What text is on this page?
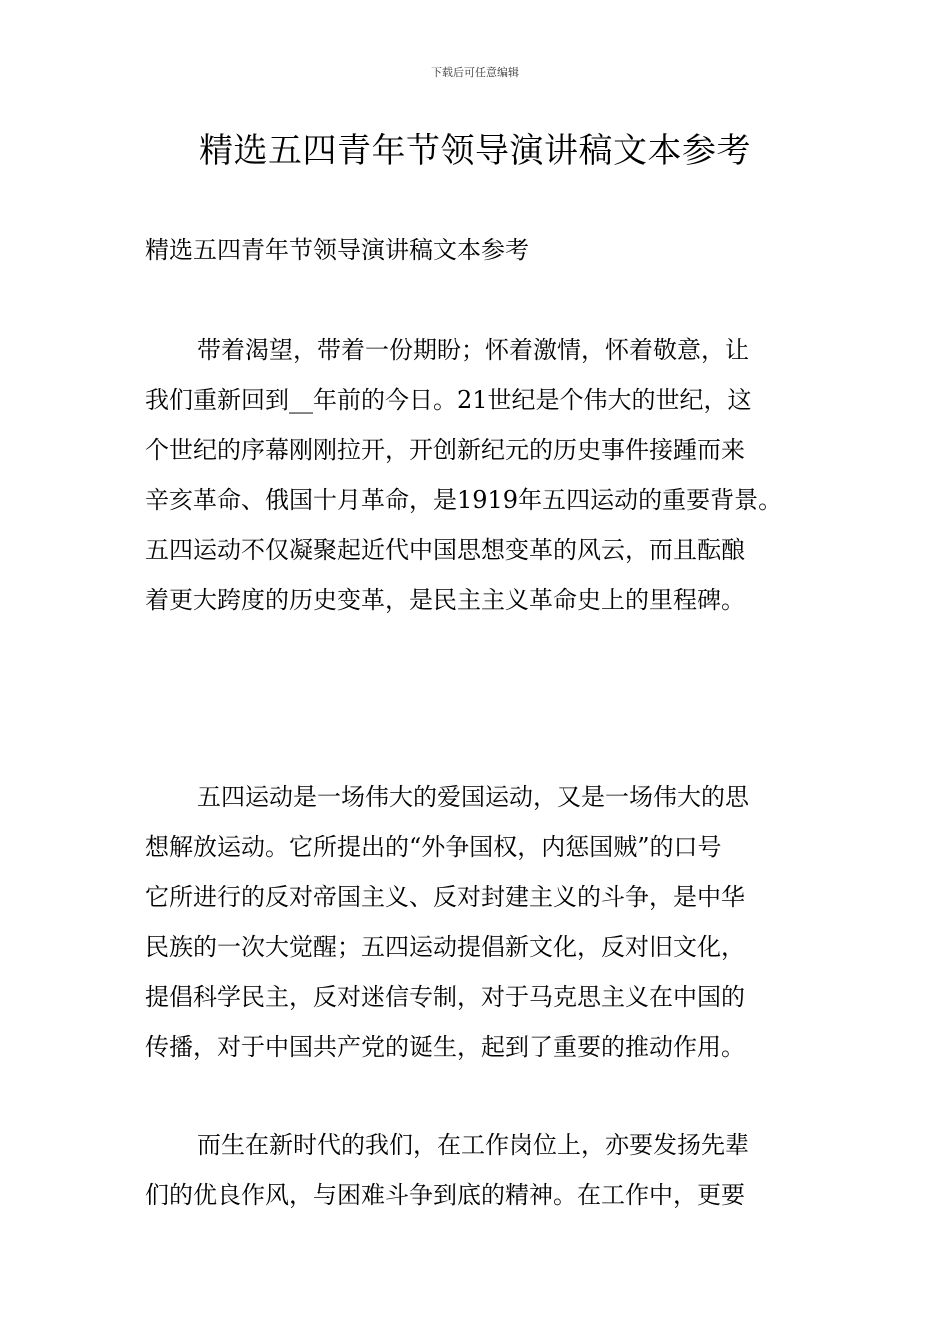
下载后可任意编辑
精选五四青年节领导演讲稿文本参考
精选五四青年节领导演讲稿文本参考
带着渴望，带着一份期盼；怀着激情，怀着敬意，让
我们重新回到__年前的今日。21世纪是个伟大的世纪，这
个世纪的序幕刚刚拉开，开创新纪元的历史事件接踵而来
辛亥革命、俄国十月革命，是1919年五四运动的重要背景。
五四运动不仅凝聚起近代中国思想变革的风云，而且酝酿
着更大跨度的历史变革，是民主主义革命史上的里程碑。
五四运动是一场伟大的爱国运动，又是一场伟大的思
想解放运动。它所提出的“外争国权，内惩国贼”的口号
它所进行的反对帝国主义、反对封建主义的斗争，是中华
民族的一次大觉醒；五四运动提倡新文化，反对旧文化，
提倡科学民主，反对迷信专制，对于马克思主义在中国的
传播，对于中国共产党的诞生，起到了重要的推动作用。
而生在新时代的我们，在工作岗位上，亦要发扬先辈
们的优良作风，与困难斗争到底的精神。在工作中，更要
